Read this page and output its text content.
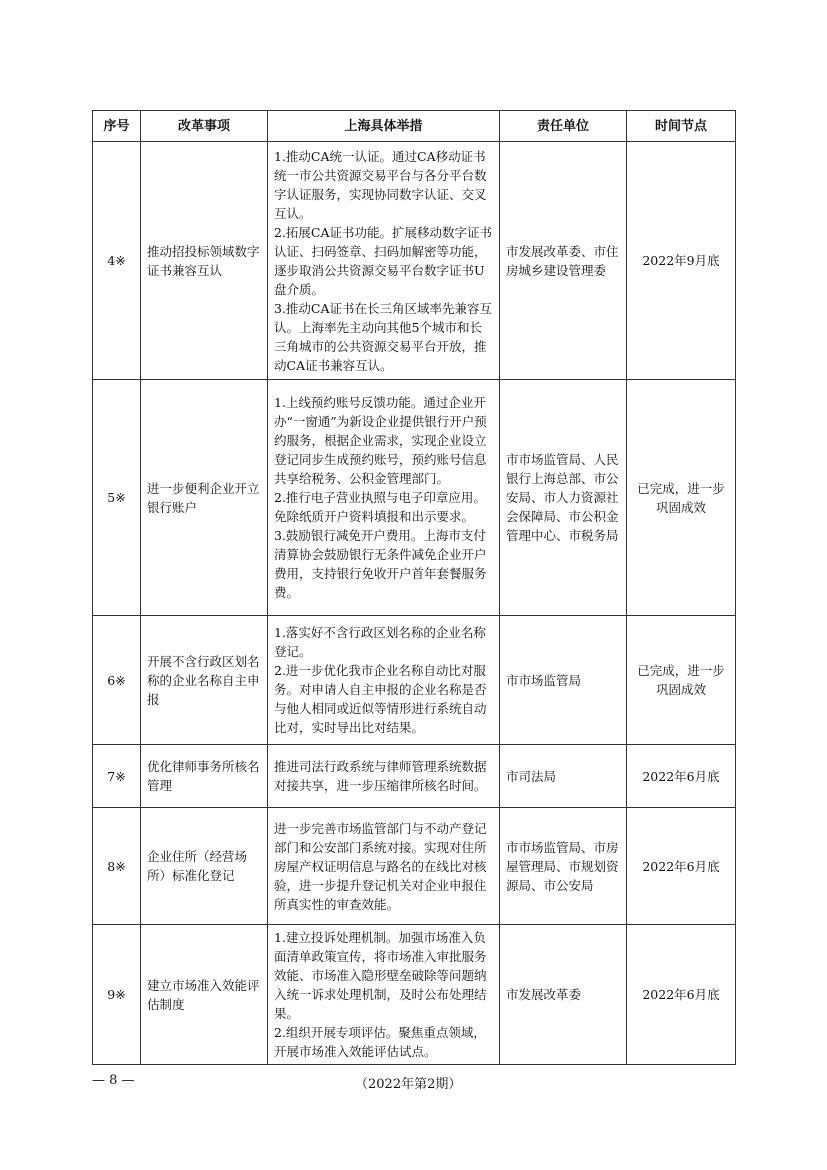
序号	改革事项	上海具体举措	责任单位	时间节点
4※	推动招投标领域数字证书兼容互认	1.推动CA统一认证。通过CA移动证书统一市公共资源交易平台与各分平台数字认证服务，实现协同数字认证、交叉互认。
2.拓展CA证书功能。扩展移动数字证书认证、扫码签章、扫码加解密等功能，逐步取消公共资源交易平台数字证书U盘介质。
3.推动CA证书在长三角区域率先兼容互认。上海率先主动向其他5个城市和长三角城市的公共资源交易平台开放，推动CA证书兼容互认。	市发展改革委、市住房城乡建设管理委	2022年9月底
5※	进一步便利企业开立银行账户	1.上线预约账号反馈功能。通过企业开办“一窗通”为新设企业提供银行开户预约服务，根据企业需求，实现企业设立登记同步生成预约账号，预约账号信息共享给税务、公积金管理部门。
2.推行电子营业执照与电子印章应用。免除纸质开户资料填报和出示要求。
3.鼓励银行减免开户费用。上海市支付清算协会鼓励银行无条件减免企业开户费用，支持银行免收开户首年套餐服务费。	市市场监管局、人民银行上海总部、市公安局、市人力资源社会保障局、市公积金管理中心、市税务局	已完成，进一步巩固成效
6※	开展不含行政区划名称的企业名称自主申报	1.落实好不含行政区划名称的企业名称登记。
2.进一步优化我市企业名称自动比对服务。对申请人自主申报的企业名称是否与他人相同或近似等情形进行系统自动比对，实时导出比对结果。	市市场监管局	已完成，进一步巩固成效
7※	优化律师事务所核名管理	推进司法行政系统与律师管理系统数据对接共享，进一步压缩律所核名时间。	市司法局	2022年6月底
8※	企业住所（经营场所）标准化登记	进一步完善市场监管部门与不动产登记部门和公安部门系统对接。实现对住所房屋产权证明信息与路名的在线比对核验，进一步提升登记机关对企业申报住所真实性的审查效能。	市市场监管局、市房屋管理局、市规划资源局、市公安局	2022年6月底
9※	建立市场准入效能评估制度	1.建立投诉处理机制。加强市场准入负面清单政策宣传，将市场准入审批服务效能、市场准入隐形壁垒破除等问题纳入统一诉求处理机制，及时公布处理结果。
2.组织开展专项评估。聚焦重点领域，开展市场准入效能评估试点。	市发展改革委	2022年6月底
— 8 —	（2022年第2期）
